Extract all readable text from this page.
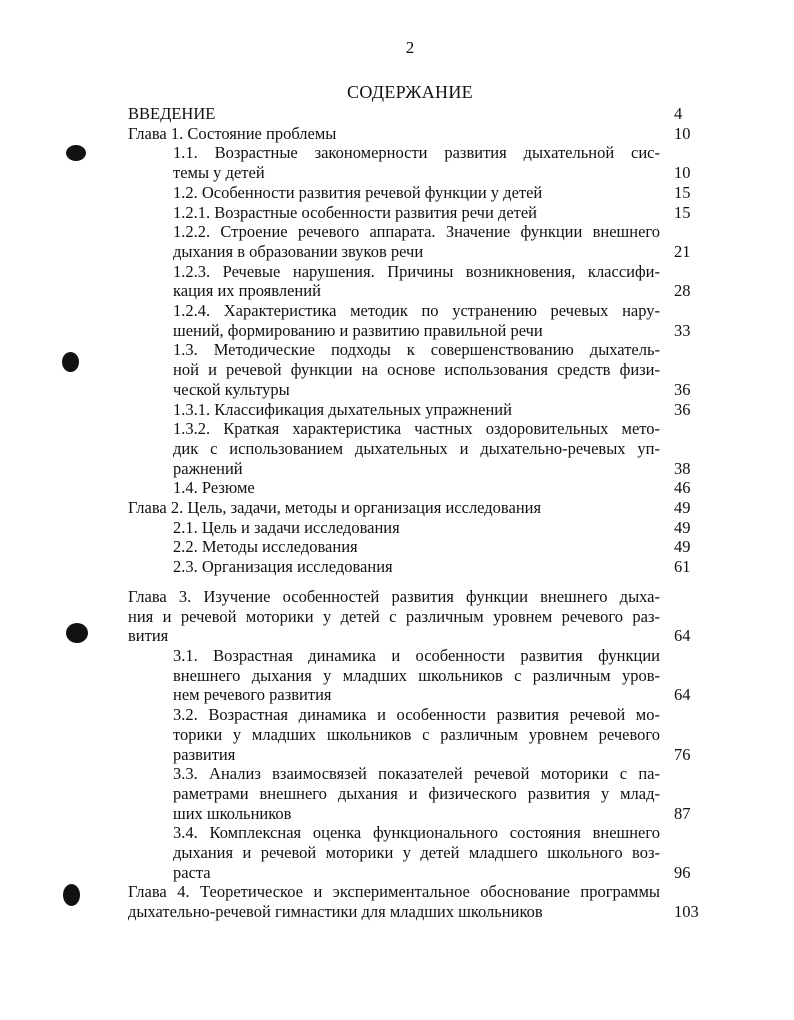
2
СОДЕРЖАНИЕ
ВВЕДЕНИЕ	4
Глава 1. Состояние проблемы	10
1.1. Возрастные закономерности развития дыхательной сис-
темы у детей	10
1.2. Особенности развития речевой функции у детей	15
1.2.1. Возрастные особенности развития речи детей	15
1.2.2. Строение речевого аппарата. Значение функции внешнего
дыхания в образовании звуков речи	21
1.2.3. Речевые нарушения. Причины возникновения, классифи-
кация их проявлений	28
1.2.4. Характеристика методик по устранению речевых нару-
шений, формированию и развитию правильной речи	33
1.3. Методические подходы к совершенствованию дыхатель-
ной и речевой функции на основе использования средств физи-
ческой культуры	36
1.3.1. Классификация дыхательных упражнений	36
1.3.2. Краткая характеристика частных оздоровительных мето-
дик с использованием дыхательных и дыхательно-речевых уп-
ражнений	38
1.4. Резюме	46
Глава 2. Цель, задачи, методы и организация исследования	49
2.1. Цель и задачи исследования	49
2.2. Методы исследования	49
2.3. Организация исследования	61
Глава 3. Изучение особенностей развития функции внешнего дыха-
ния и речевой моторики у детей с различным уровнем речевого раз-
вития	64
3.1. Возрастная динамика и особенности развития функции
внешнего дыхания у младших школьников с различным уров-
нем речевого развития	64
3.2. Возрастная динамика и особенности развития речевой мо-
торики у младших школьников с различным уровнем речевого
развития	76
3.3. Анализ взаимосвязей показателей речевой моторики с па-
раметрами внешнего дыхания и физического развития у млад-
ших школьников	87
3.4. Комплексная оценка функционального состояния внешнего
дыхания и речевой моторики у детей младшего школьного воз-
раста	96
Глава 4. Теоретическое и экспериментальное обоснование программы
дыхательно-речевой гимнастики для младших школьников	103
